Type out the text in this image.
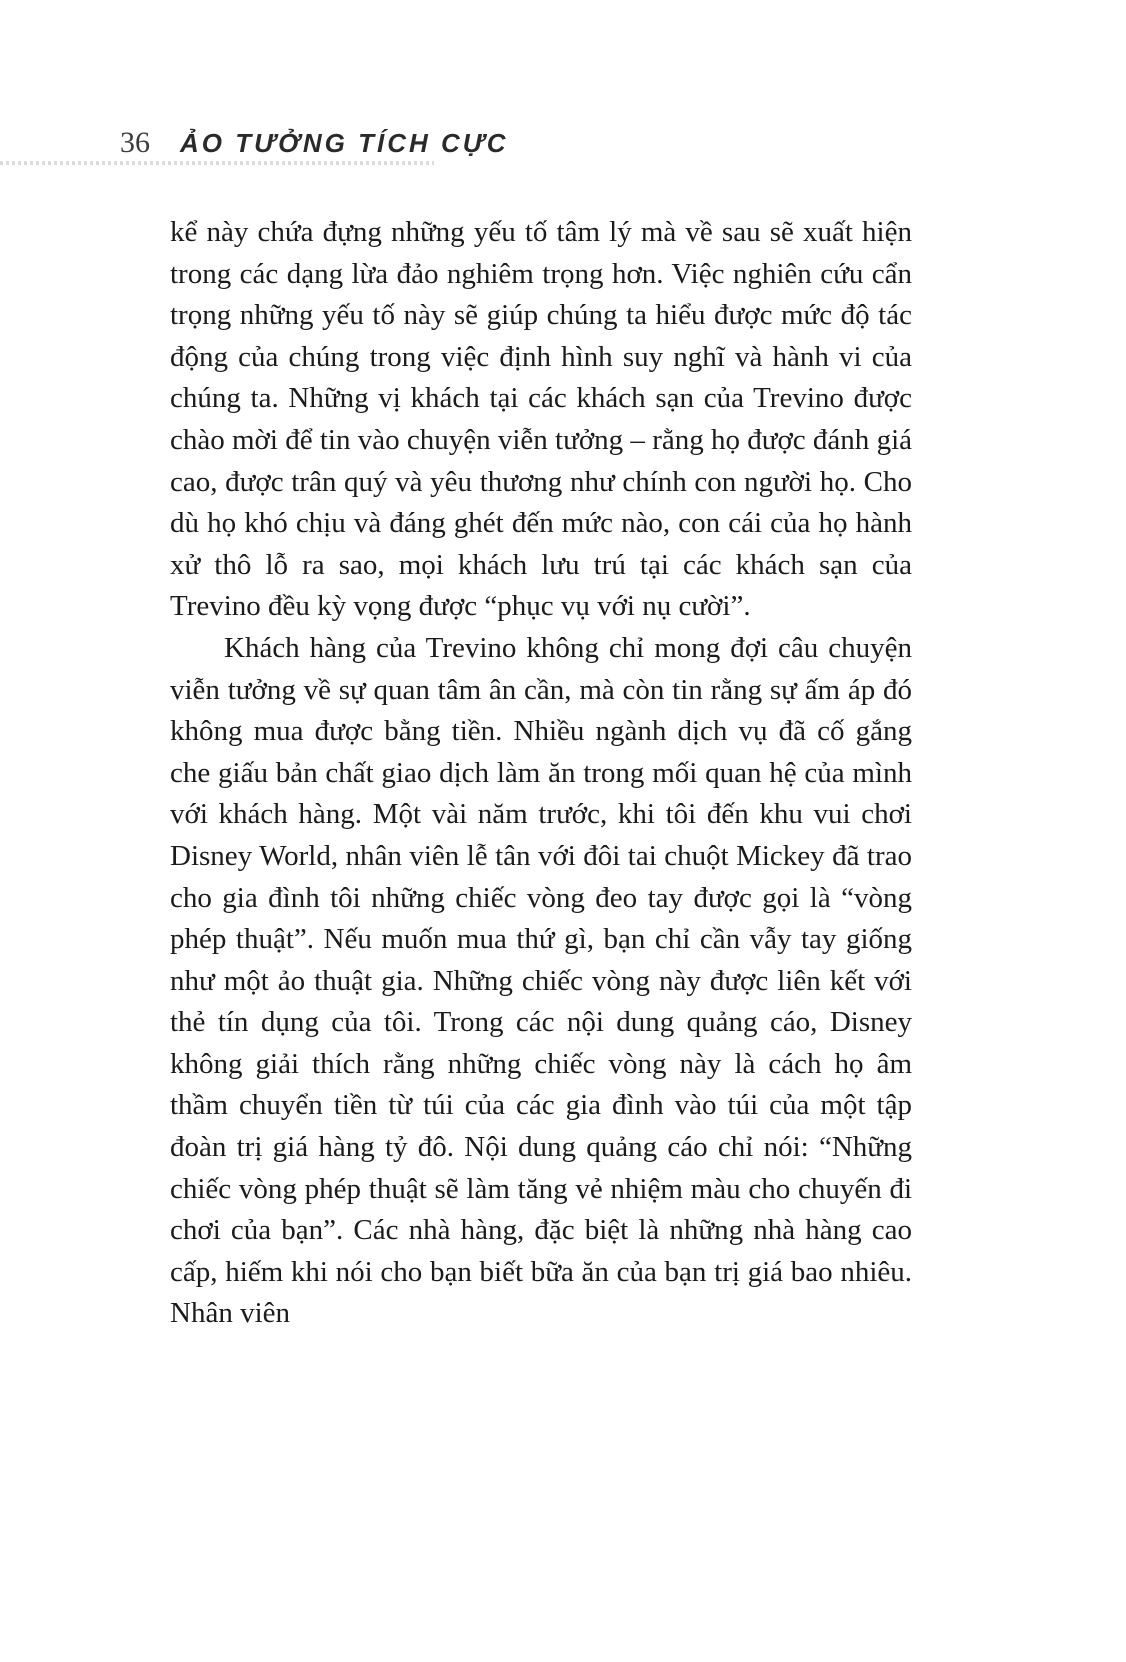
36 ẢO TƯỞNG TÍCH CỰC

kể này chứa đựng những yếu tố tâm lý mà về sau sẽ xuất hiện trong các dạng lừa đảo nghiêm trọng hơn. Việc nghiên cứu cẩn trọng những yếu tố này sẽ giúp chúng ta hiểu được mức độ tác động của chúng trong việc định hình suy nghĩ và hành vi của chúng ta. Những vị khách tại các khách sạn của Trevino được chào mời để tin vào chuyện viễn tưởng – rằng họ được đánh giá cao, được trân quý và yêu thương như chính con người họ. Cho dù họ khó chịu và đáng ghét đến mức nào, con cái của họ hành xử thô lỗ ra sao, mọi khách lưu trú tại các khách sạn của Trevino đều kỳ vọng được “phục vụ với nụ cười”.

Khách hàng của Trevino không chỉ mong đợi câu chuyện viễn tưởng về sự quan tâm ân cần, mà còn tin rằng sự ấm áp đó không mua được bằng tiền. Nhiều ngành dịch vụ đã cố gắng che giấu bản chất giao dịch làm ăn trong mối quan hệ của mình với khách hàng. Một vài năm trước, khi tôi đến khu vui chơi Disney World, nhân viên lễ tân với đôi tai chuột Mickey đã trao cho gia đình tôi những chiếc vòng đeo tay được gọi là “vòng phép thuật”. Nếu muốn mua thứ gì, bạn chỉ cần vẫy tay giống như một ảo thuật gia. Những chiếc vòng này được liên kết với thẻ tín dụng của tôi. Trong các nội dung quảng cáo, Disney không giải thích rằng những chiếc vòng này là cách họ âm thầm chuyển tiền từ túi của các gia đình vào túi của một tập đoàn trị giá hàng tỷ đô. Nội dung quảng cáo chỉ nói: “Những chiếc vòng phép thuật sẽ làm tăng vẻ nhiệm màu cho chuyến đi chơi của bạn”. Các nhà hàng, đặc biệt là những nhà hàng cao cấp, hiếm khi nói cho bạn biết bữa ăn của bạn trị giá bao nhiêu. Nhân viên
